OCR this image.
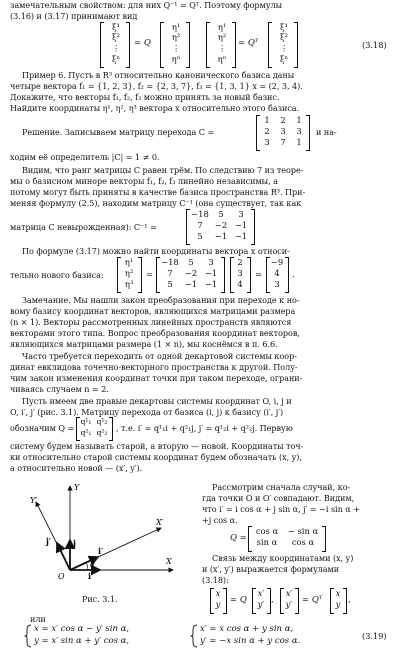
замечательным свойством: для них Q⁻¹ = Qᵀ. Поэтому формулы
(3.16) и (3.17) принимают вид
ξ¹
ξ²
⋮
ξⁿ
= Q
η¹
η²
⋮
ηⁿ
η¹
η²
⋮
ηⁿ
= Qᵀ
ξ¹
ξ²
⋮
ξⁿ
(3.18)
Пример 6. Пусть в R³ относительно канонического базиса даны
четыре вектора f₁ = {1, 2, 3}, f₂ = {2, 3, 7}, f₃ = {1, 3, 1} x = (2, 3, 4).
Докажите, что векторы f₁, f₂, f₃ можно принять за новый базис.
Найдите координаты η¹, η², η³ вектора x относительно этого базиса.
Решение. Записываем матрицу перехода C =
1	2	1
2	3	3
3	7	1
и на-
ходим её определитель |C| = 1 ≠ 0.
Видим, что ранг матрицы C равен трём. По следствию 7 из теоре-
мы о базисном миноре векторы f₁, f₂, f₃ линейно независимы, а
потому могут быть приняты в качестве базиса пространства R³. При-
меняя формулу (2.5), находим матрицу C⁻¹ (она существует, так как
матрица C невырожденная): C⁻¹ =
−18	5	3
7	−2 −1
5	−1 −1
По формуле (3.17) можно найти координаты вектора x относи-
тельно нового базиса:
η¹
η²
η³
=
−18	5	3
7	−2 −1
5	−1 −1
2
3
4
=
−9
4
3
.
Замечание. Мы нашли закон преобразования при переходе к но-
вому базису координат векторов, являющихся матрицами размера
(n × 1). Векторы рассмотренных линейных пространств являются
векторами этого типа. Вопрос преобразования координат векторов,
являющихся матрицами размера (1 × n), мы коснёмся в п. 6.6.
Часто требуется переходить от одной декартовой системы коор-
динат евклидова точечно-векторного пространства к другой. Полу-
чим закон изменения координат точки при таком переходе, ограни-
чиваясь случаем n = 2.
Пусть имеем две правые декартовы системы координат O, i, j и
O, i′, j′ (рис. 3.1). Матрицу перехода от базиса (i, j) к базису (i′, j′)
обозначим Q =
q¹₁ q¹₂
q²₁ q²₂ , т.е. i′ = q¹₁i + q²₁j, j′ = q¹₂i + q²₂j. Первую
систему будем называть старой, а вторую — новой. Координаты точ-
ки относительно старой системы координат будем обозначать (x, y),
а относительно новой — (x′, y′).
Y
Y′
X
X′
O	i
j
i′
j′
α
Рис. 3.1.
Рассмотрим сначала случай, ко-
гда точки O и O′ совпадают. Видим,
что i′ = i cos α + j sin α, j′ = −i sin α +
+j cos α.
Q =
cos α	− sin α
sin α	cos α
Связь между координатами (x, y)
и (x′, y′) выражается формулами
(3.18):
x
y	= Q
x′
y′ ,
x′
y′	= Qᵀ
x
y ,
или
x = x′ cos α − y′ sin α,
y = x′ sin α + y′ cos α,
x′ = x cos α + y sin α,
y′ = −x sin α + y cos α.	(3.19)
